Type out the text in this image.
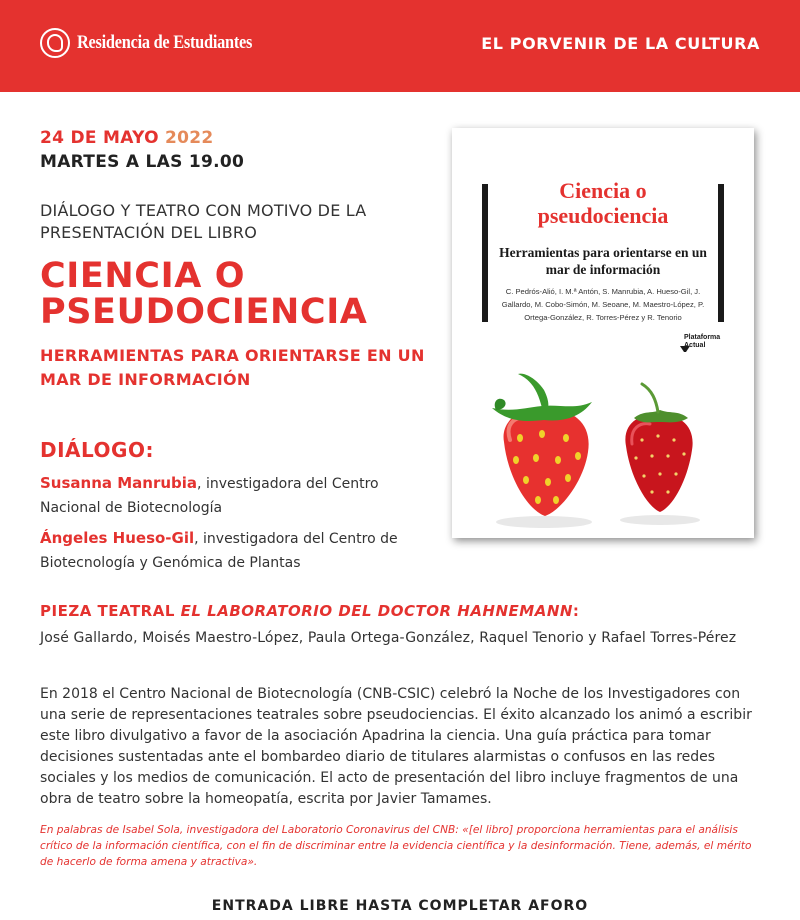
Residencia de Estudiantes	EL PORVENIR DE LA CULTURA
24 DE MAYO 2022
MARTES A LAS 19.00
DIÁLOGO Y TEATRO CON MOTIVO DE LA PRESENTACIÓN DEL LIBRO
CIENCIA O PSEUDOCIENCIA
HERRAMIENTAS PARA ORIENTARSE EN UN MAR DE INFORMACIÓN
DIÁLOGO:
Susanna Manrubia, investigadora del Centro Nacional de Biotecnología
Ángeles Hueso-Gil, investigadora del Centro de Biotecnología y Genómica de Plantas
Ciencia o pseudociencia
Herramientas para orientarse en un mar de información
C. Pedrós-Alió, I. M.ª Antón, S. Manrubia, A. Hueso-Gil, J. Gallardo, M. Cobo-Simón, M. Seoane, M. Maestro-López, P. Ortega-González, R. Torres-Pérez y R. Tenorio
Plataforma
Actual
PIEZA TEATRAL EL LABORATORIO DEL DOCTOR HAHNEMANN:
José Gallardo, Moisés Maestro-López, Paula Ortega-González, Raquel Tenorio y Rafael Torres-Pérez
En 2018 el Centro Nacional de Biotecnología (CNB-CSIC) celebró la Noche de los Investigadores con una serie de representaciones teatrales sobre pseudociencias. El éxito alcanzado los animó a escribir este libro divulgativo a favor de la asociación Apadrina la ciencia. Una guía práctica para tomar decisiones sustentadas ante el bombardeo diario de titulares alarmistas o confusos en las redes sociales y los medios de comunicación. El acto de presentación del libro incluye fragmentos de una obra de teatro sobre la homeopatía, escrita por Javier Tamames.
En palabras de Isabel Sola, investigadora del Laboratorio Coronavirus del CNB: «[el libro] proporciona herramientas para el análisis crítico de la información científica, con el fin de discriminar entre la evidencia científica y la desinformación. Tiene, además, el mérito de hacerlo de forma amena y atractiva».
ENTRADA LIBRE HASTA COMPLETAR AFORO
